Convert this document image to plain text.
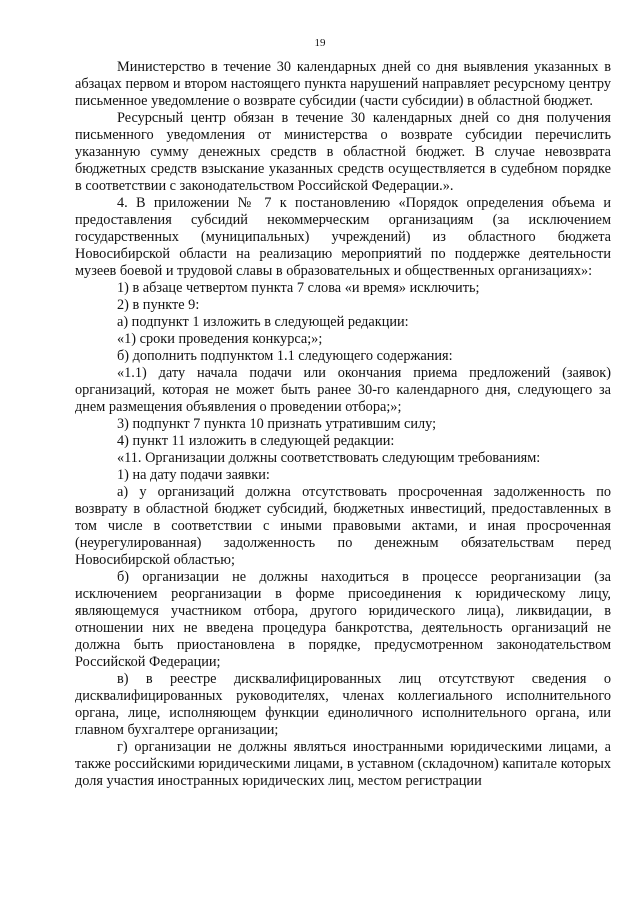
19

Министерство в течение 30 календарных дней со дня выявления указанных в абзацах первом и втором настоящего пункта нарушений направляет ресурсному центру письменное уведомление о возврате субсидии (части субсидии) в областной бюджет.

Ресурсный центр обязан в течение 30 календарных дней со дня получения письменного уведомления от министерства о возврате субсидии перечислить указанную сумму денежных средств в областной бюджет. В случае невозврата бюджетных средств взыскание указанных средств осуществляется в судебном порядке в соответствии с законодательством Российской Федерации.».

4. В приложении № 7 к постановлению «Порядок определения объема и предоставления субсидий некоммерческим организациям (за исключением государственных (муниципальных) учреждений) из областного бюджета Новосибирской области на реализацию мероприятий по поддержке деятельности музеев боевой и трудовой славы в образовательных и общественных организациях»:

1) в абзаце четвертом пункта 7 слова «и время» исключить;

2) в пункте 9:

а) подпункт 1 изложить в следующей редакции:

«1) сроки проведения конкурса;»;

б) дополнить подпунктом 1.1 следующего содержания:

«1.1) дату начала подачи или окончания приема предложений (заявок) организаций, которая не может быть ранее 30-го календарного дня, следующего за днем размещения объявления о проведении отбора;»;

3) подпункт 7 пункта 10 признать утратившим силу;

4) пункт 11 изложить в следующей редакции:

«11. Организации должны соответствовать следующим требованиям:

1) на дату подачи заявки:

а) у организаций должна отсутствовать просроченная задолженность по возврату в областной бюджет субсидий, бюджетных инвестиций, предоставленных в том числе в соответствии с иными правовыми актами, и иная просроченная (неурегулированная) задолженность по денежным обязательствам перед Новосибирской областью;

б) организации не должны находиться в процессе реорганизации (за исключением реорганизации в форме присоединения к юридическому лицу, являющемуся участником отбора, другого юридического лица), ликвидации, в отношении них не введена процедура банкротства, деятельность организаций не должна быть приостановлена в порядке, предусмотренном законодательством Российской Федерации;

в) в реестре дисквалифицированных лиц отсутствуют сведения о дисквалифицированных руководителях, членах коллегиального исполнительного органа, лице, исполняющем функции единоличного исполнительного органа, или главном бухгалтере организации;

г) организации не должны являться иностранными юридическими лицами, а также российскими юридическими лицами, в уставном (складочном) капитале которых доля участия иностранных юридических лиц, местом регистрации
